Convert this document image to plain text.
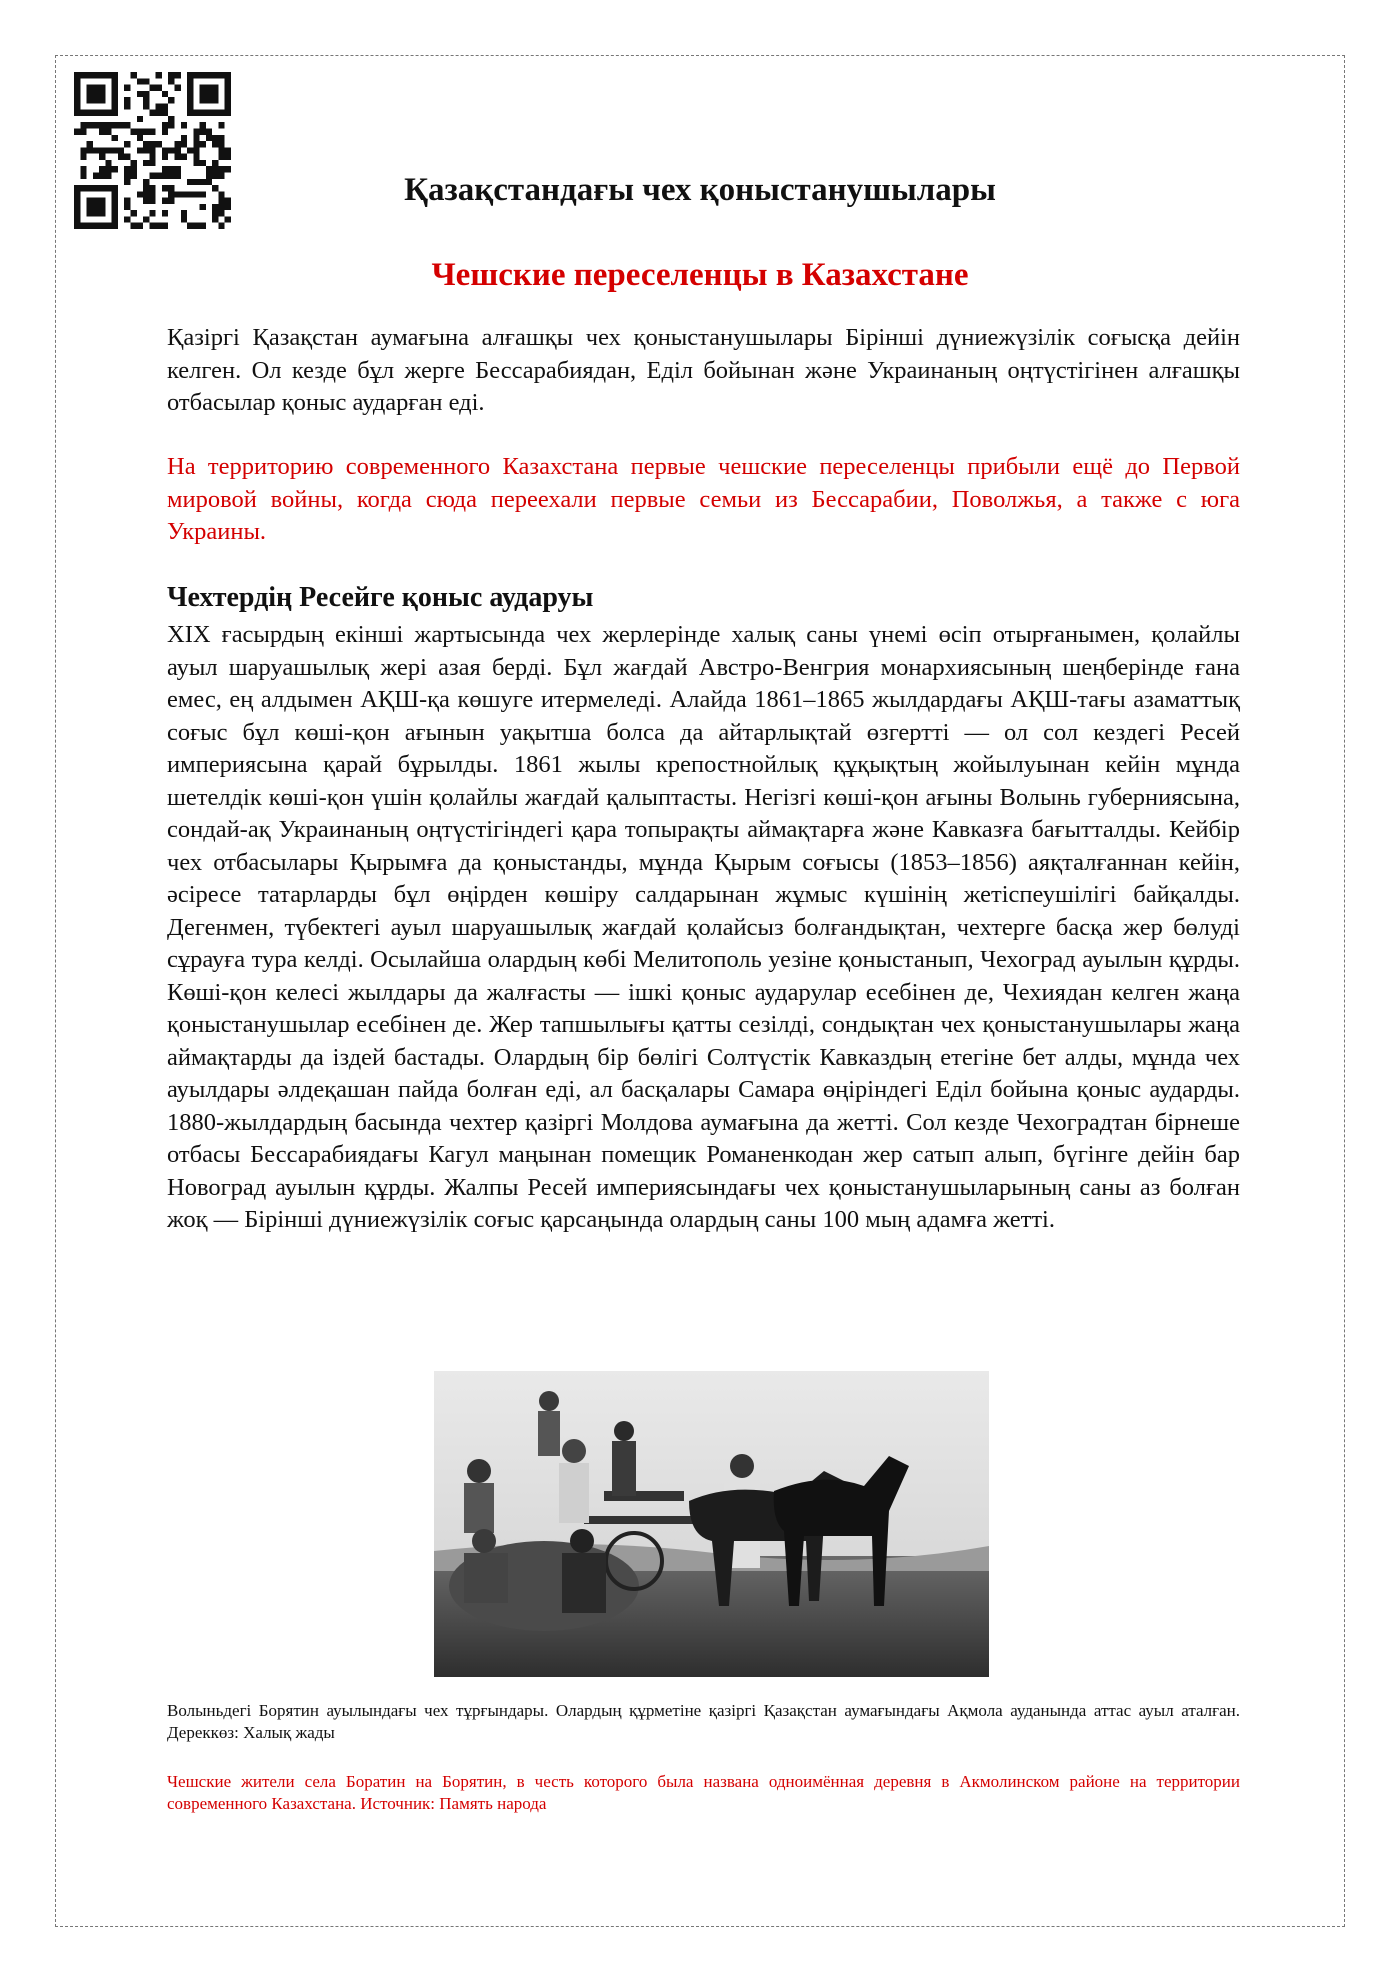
Қазақстандағы чех қоныстанушылары
Чешские переселенцы в Казахстане

Қазіргі Қазақстан аумағына алғашқы чех қоныстанушылары Бірінші дүниежүзілік соғысқа дейін келген. Ол кезде бұл жерге Бессарабиядан, Еділ бойынан және Украинаның оңтүстігінен алғашқы отбасылар қоныс аударған еді.

На территорию современного Казахстана первые чешские переселенцы прибыли ещё до Первой мировой войны, когда сюда переехали первые семьи из Бессарабии, Поволжья, а также с юга Украины.

Чехтердің Ресейге қоныс аударуы

XIX ғасырдың екінші жартысында чех жерлерінде халық саны үнемі өсіп отырғанымен, қолайлы ауыл шаруашылық жері азая берді. Бұл жағдай Австро-Венгрия монархиясының шеңберінде ғана емес, ең алдымен АҚШ-қа көшуге итермеледі. Алайда 1861–1865 жылдардағы АҚШ-тағы азаматтық соғыс бұл көші-қон ағынын уақытша болса да айтарлықтай өзгертті — ол сол кездегі Ресей империясына қарай бұрылды. 1861 жылы крепостнойлық құқықтың жойылуынан кейін мұнда шетелдік көші-қон үшін қолайлы жағдай қалыптасты. Негізгі көші-қон ағыны Волынь губерниясына, сондай-ақ Украинаның оңтүстігіндегі қара топырақты аймақтарға және Кавказға бағытталды. Кейбір чех отбасылары Қырымға да қоныстанды, мұнда Қырым соғысы (1853–1856) аяқталғаннан кейін, әсіресе татарларды бұл өңірден көшіру салдарынан жұмыс күшінің жетіспеушілігі байқалды. Дегенмен, түбектегі ауыл шаруашылық жағдай қолайсыз болғандықтан, чехтерге басқа жер бөлуді сұрауға тура келді. Осылайша олардың көбі Мелитополь уезіне қоныстанып, Чехоград ауылын құрды. Көші-қон келесі жылдары да жалғасты — ішкі қоныс аударулар есебінен де, Чехиядан келген жаңа қоныстанушылар есебінен де. Жер тапшылығы қатты сезілді, сондықтан чех қоныстанушылары жаңа аймақтарды да іздей бастады. Олардың бір бөлігі Солтүстік Кавказдың етегіне бет алды, мұнда чех ауылдары әлдеқашан пайда болған еді, ал басқалары Самара өңіріндегі Еділ бойына қоныс аударды. 1880-жылдардың басында чехтер қазіргі Молдова аумағына да жетті. Сол кезде Чехоградтан бірнеше отбасы Бессарабиядағы Кагул маңынан помещик Романенкодан жер сатып алып, бүгінге дейін бар Новоград ауылын құрды. Жалпы Ресей империясындағы чех қоныстанушыларының саны аз болған жоқ — Бірінші дүниежүзілік соғыс қарсаңында олардың саны 100 мың адамға жетті.

Волыньдегі Борятин ауылындағы чех тұрғындары. Олардың құрметіне қазіргі Қазақстан аумағындағы Ақмола ауданында аттас ауыл аталған. Дереккөз: Халық жады

Чешские жители села Боратин на Борятин, в честь которого была названа одноимённая деревня в Акмолинском районе на территории современного Казахстана. Источник: Память народа
